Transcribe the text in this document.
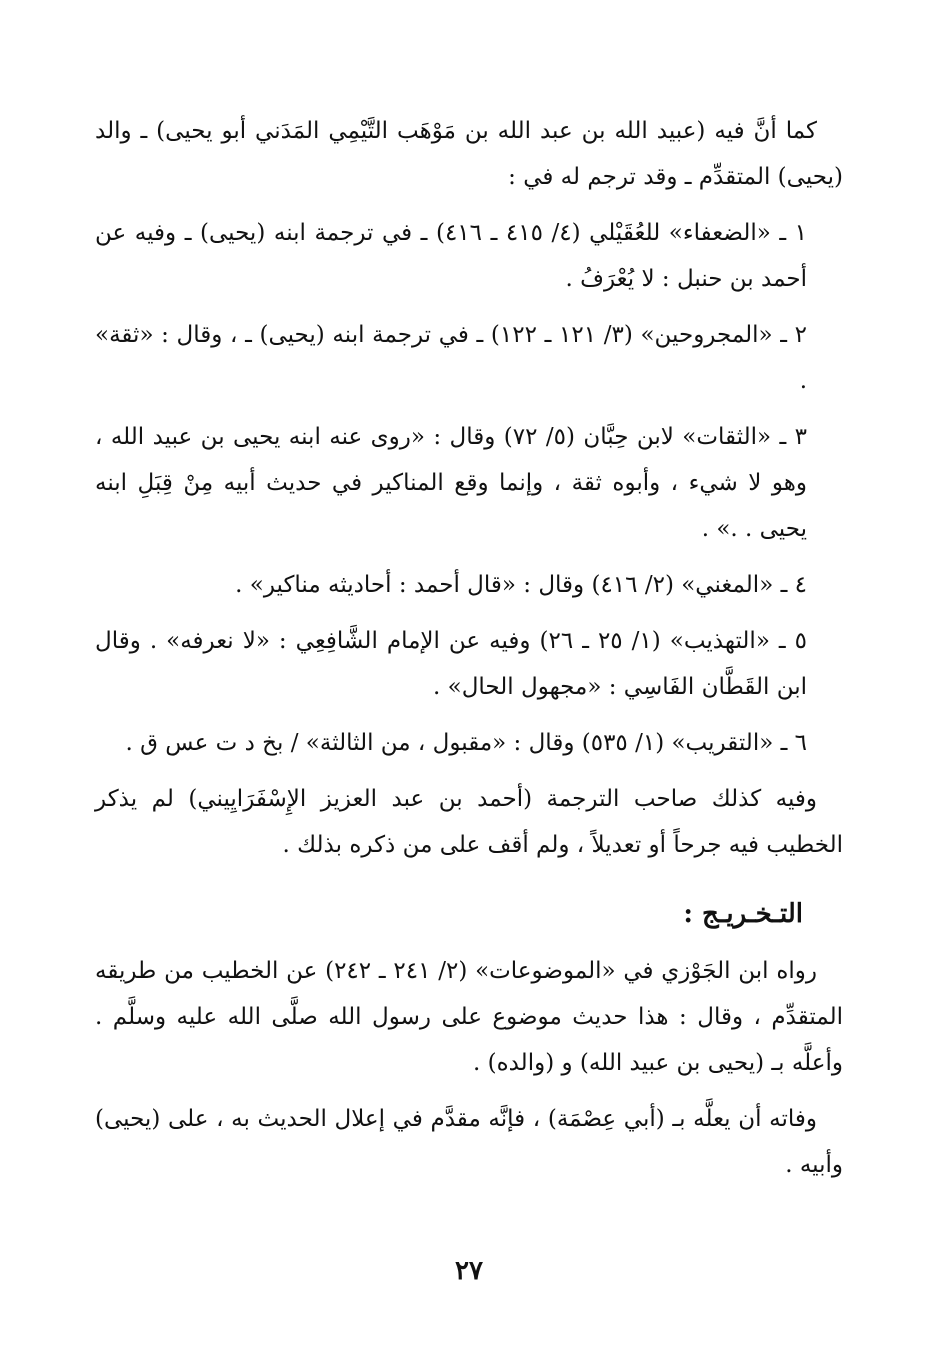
كما أنَّ فيه (عبيد الله بن عبد الله بن مَوْهَب التَّيْمِي المَدَني أبو يحيى) ـ والد (يحيى) المتقدِّم ـ وقد ترجم له في :

١ ـ «الضعفاء» للعُقَيْلي (٤/ ٤١٥ ـ ٤١٦) ـ في ترجمة ابنه (يحيى) ـ وفيه عن أحمد بن حنبل : لا يُعْرَفُ .

٢ ـ «المجروحين» (٣/ ١٢١ ـ ١٢٢) ـ في ترجمة ابنه (يحيى) ـ ، وقال : «ثقة» .

٣ ـ «الثقات» لابن حِبَّان (٥/ ٧٢) وقال : «روى عنه ابنه يحيى بن عبيد الله ، وهو لا شيء ، وأبوه ثقة ، وإنما وقع المناكير في حديث أبيه مِنْ قِبَلِ ابنه يحيى . .» .

٤ ـ «المغني» (٢/ ٤١٦) وقال : «قال أحمد : أحاديثه مناكير» .

٥ ـ «التهذيب» (١/ ٢٥ ـ ٢٦) وفيه عن الإمام الشَّافِعِي : «لا نعرفه» . وقال ابن القَطَّان الفَاسِي : «مجهول الحال» .

٦ ـ «التقريب» (١/ ٥٣٥) وقال : «مقبول ، من الثالثة» / بخ د ت عس ق .

وفيه كذلك صاحب الترجمة (أحمد بن عبد العزيز الإِسْفَرَايِيني) لم يذكر الخطيب فيه جرحاً أو تعديلاً ، ولم أقف على من ذكره بذلك .

التـخـريـج :

رواه ابن الجَوْزي في «الموضوعات» (٢/ ٢٤١ ـ ٢٤٢) عن الخطيب من طريقه المتقدِّم ، وقال : هذا حديث موضوع على رسول الله صلَّى الله عليه وسلَّم . وأعلَّه بـ (يحيى بن عبيد الله) و (والده) .

وفاته أن يعلَّه بـ (أبي عِصْمَة) ، فإنَّه مقدَّم في إعلال الحديث به ، على (يحيى) وأبيه .

٢٧
